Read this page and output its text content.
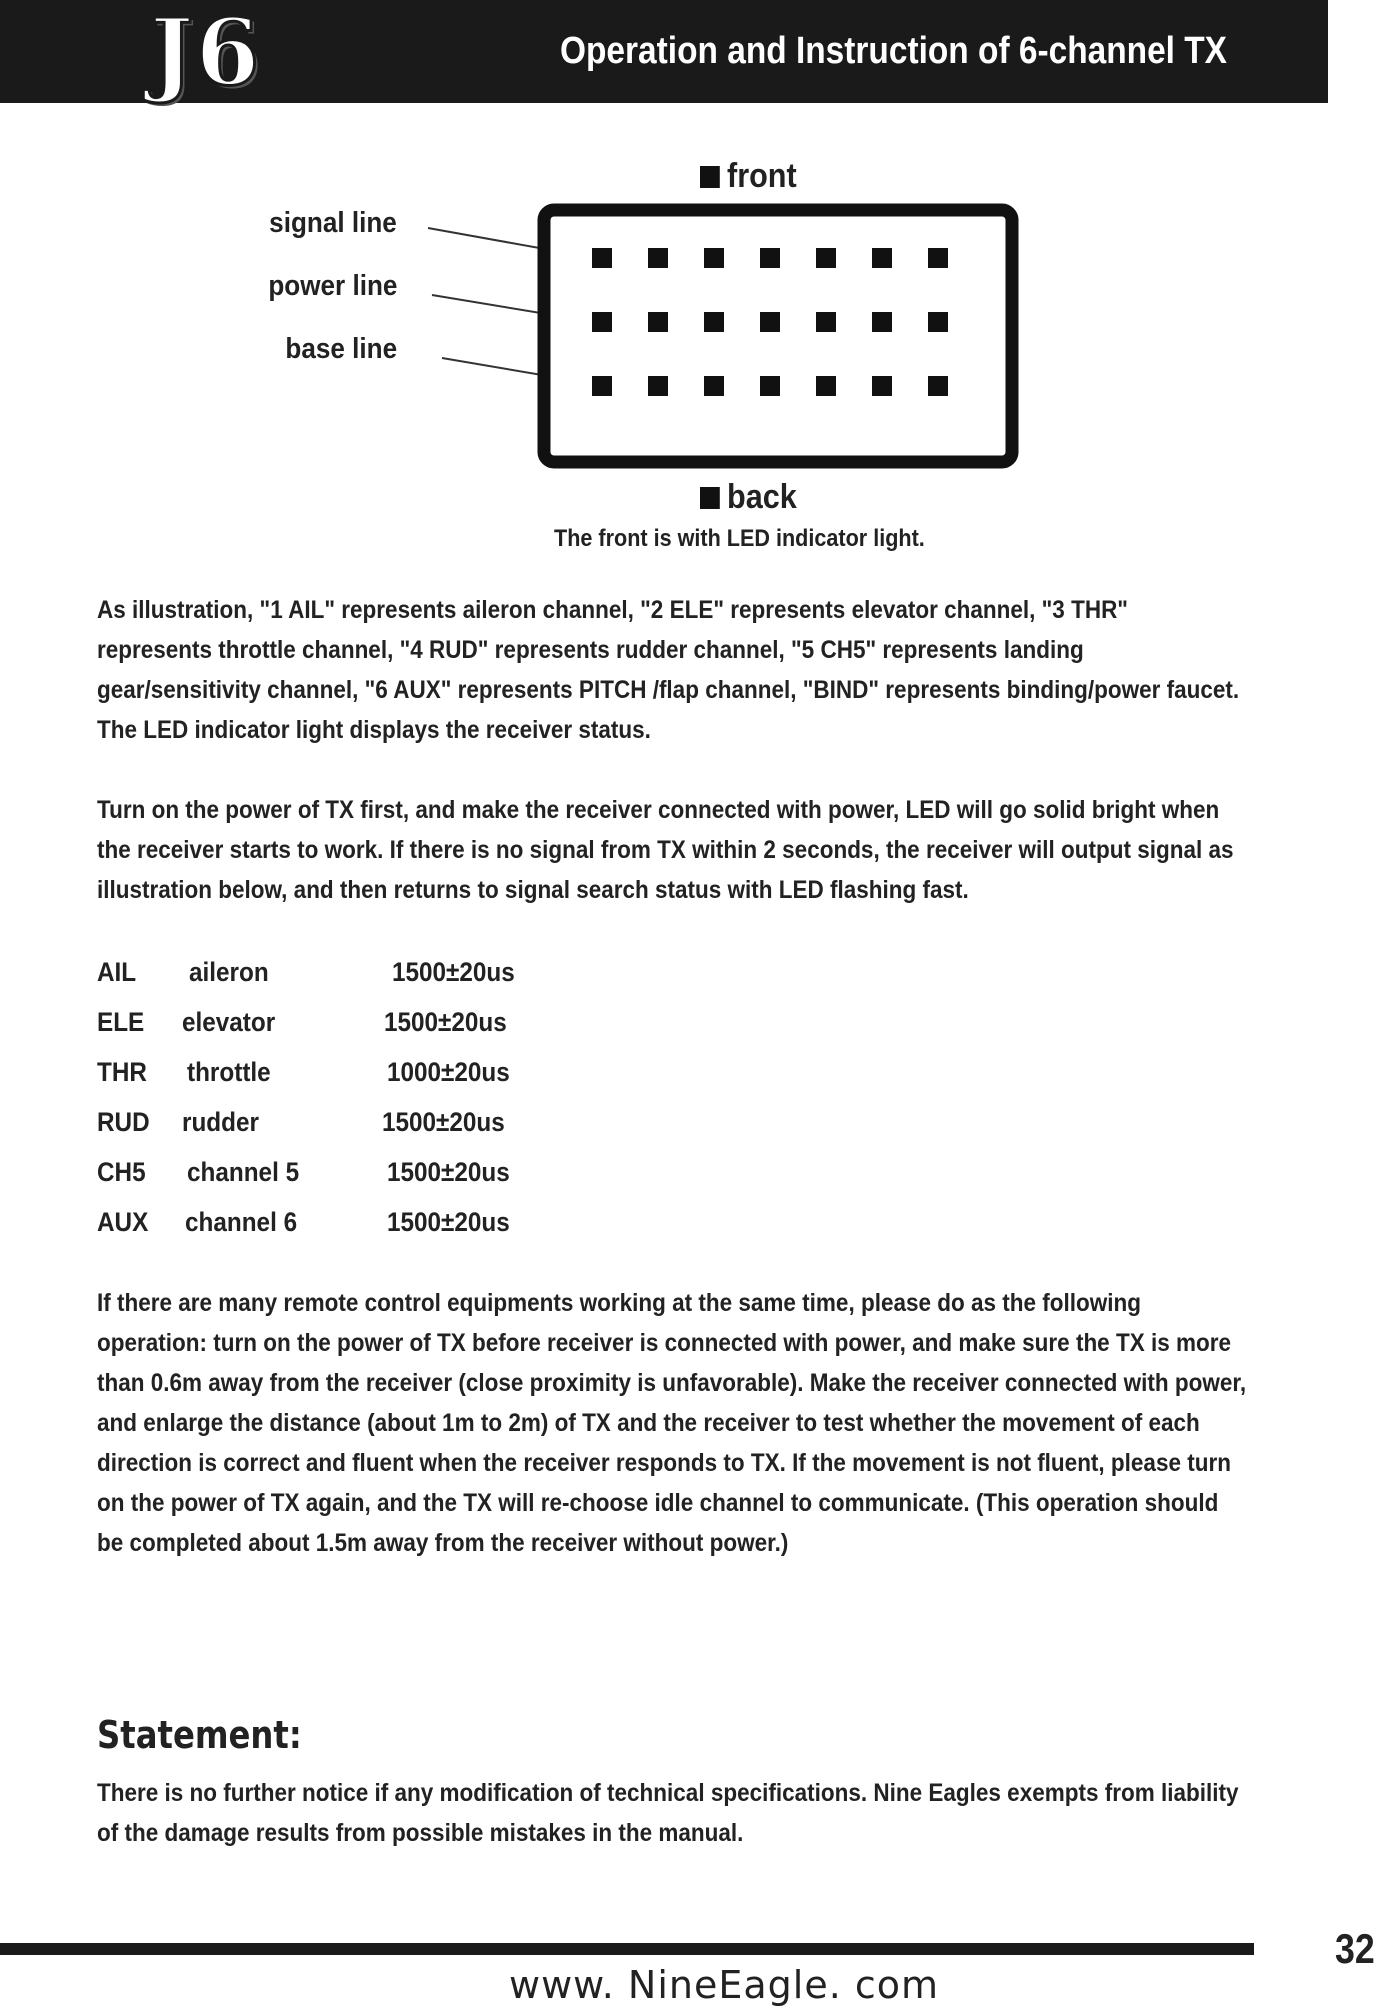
J6	Operation and Instruction of 6-channel TX
front
signal line
power line
base line
back
The front is with LED indicator light.

As illustration, "1 AIL" represents aileron channel, "2 ELE" represents elevator channel, "3 THR" represents throttle channel, "4 RUD" represents rudder channel, "5 CH5" represents landing gear/sensitivity channel, "6 AUX" represents PITCH /flap channel, "BIND" represents binding/power faucet. The LED indicator light displays the receiver status.

Turn on the power of TX first, and make the receiver connected with power, LED will go solid bright when the receiver starts to work. If there is no signal from TX within 2 seconds, the receiver will output signal as illustration below, and then returns to signal search status with LED flashing fast.

AIL aileron	1500±20us
ELE elevator	1500±20us
THR throttle	1000±20us
RUD rudder	1500±20us
CH5 channel 5	1500±20us
AUX channel 6	1500±20us

If there are many remote control equipments working at the same time, please do as the following operation: turn on the power of TX before receiver is connected with power, and make sure the TX is more than 0.6m away from the receiver (close proximity is unfavorable). Make the receiver connected with power, and enlarge the distance (about 1m to 2m) of TX and the receiver to test whether the movement of each direction is correct and fluent when the receiver responds to TX. If the movement is not fluent, please turn on the power of TX again, and the TX will re-choose idle channel to communicate. (This operation should be completed about 1.5m away from the receiver without power.)

Statement:

There is no further notice if any modification of technical specifications. Nine Eagles exempts from liability of the damage results from possible mistakes in the manual.

32
www. NineEagle. com
